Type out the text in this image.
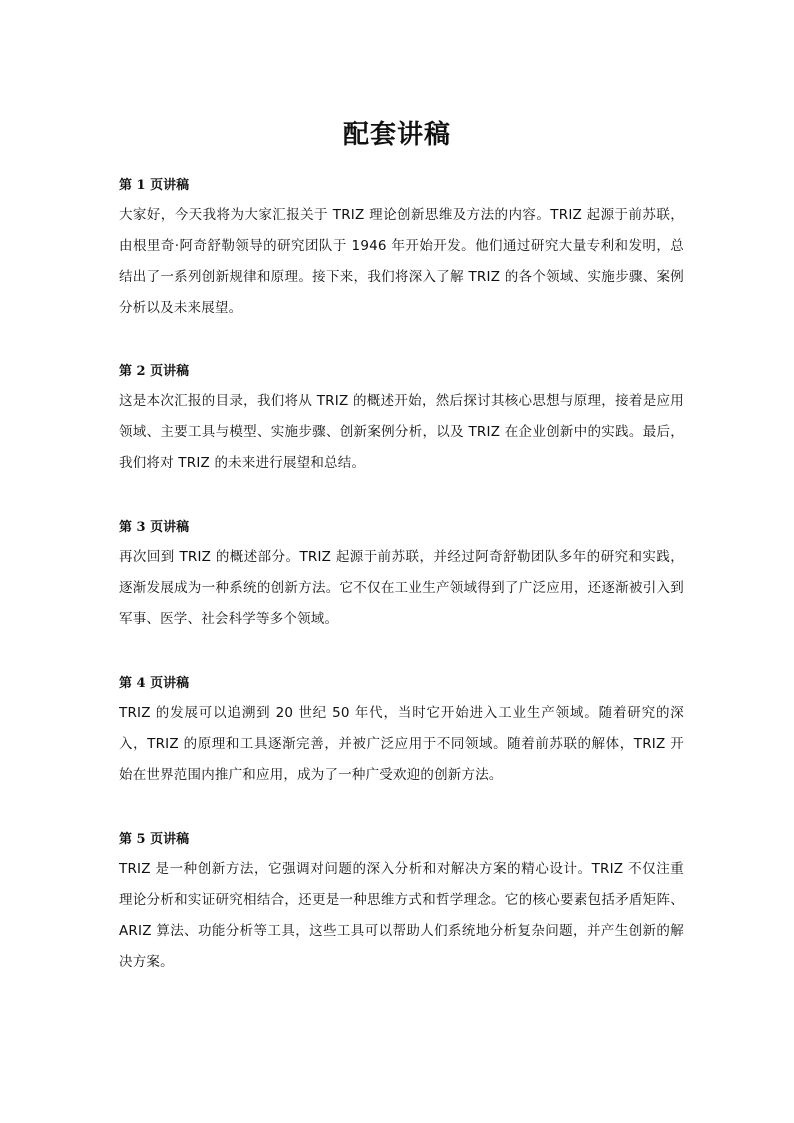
配套讲稿
第 1 页讲稿

大家好，今天我将为大家汇报关于 TRIZ 理论创新思维及方法的内容。TRIZ 起源于前苏联，由根里奇·阿奇舒勒领导的研究团队于 1946 年开始开发。他们通过研究大量专利和发明，总结出了一系列创新规律和原理。接下来，我们将深入了解 TRIZ 的各个领域、实施步骤、案例分析以及未来展望。

第 2 页讲稿

这是本次汇报的目录，我们将从 TRIZ 的概述开始，然后探讨其核心思想与原理，接着是应用领域、主要工具与模型、实施步骤、创新案例分析，以及 TRIZ 在企业创新中的实践。最后，我们将对 TRIZ 的未来进行展望和总结。

第 3 页讲稿

再次回到 TRIZ 的概述部分。TRIZ 起源于前苏联，并经过阿奇舒勒团队多年的研究和实践，逐渐发展成为一种系统的创新方法。它不仅在工业生产领域得到了广泛应用，还逐渐被引入到军事、医学、社会科学等多个领域。

第 4 页讲稿

TRIZ 的发展可以追溯到 20 世纪 50 年代，当时它开始进入工业生产领域。随着研究的深入，TRIZ 的原理和工具逐渐完善，并被广泛应用于不同领域。随着前苏联的解体，TRIZ 开始在世界范围内推广和应用，成为了一种广受欢迎的创新方法。

第 5 页讲稿

TRIZ 是一种创新方法，它强调对问题的深入分析和对解决方案的精心设计。TRIZ 不仅注重理论分析和实证研究相结合，还更是一种思维方式和哲学理念。它的核心要素包括矛盾矩阵、ARIZ 算法、功能分析等工具，这些工具可以帮助人们系统地分析复杂问题，并产生创新的解决方案。
